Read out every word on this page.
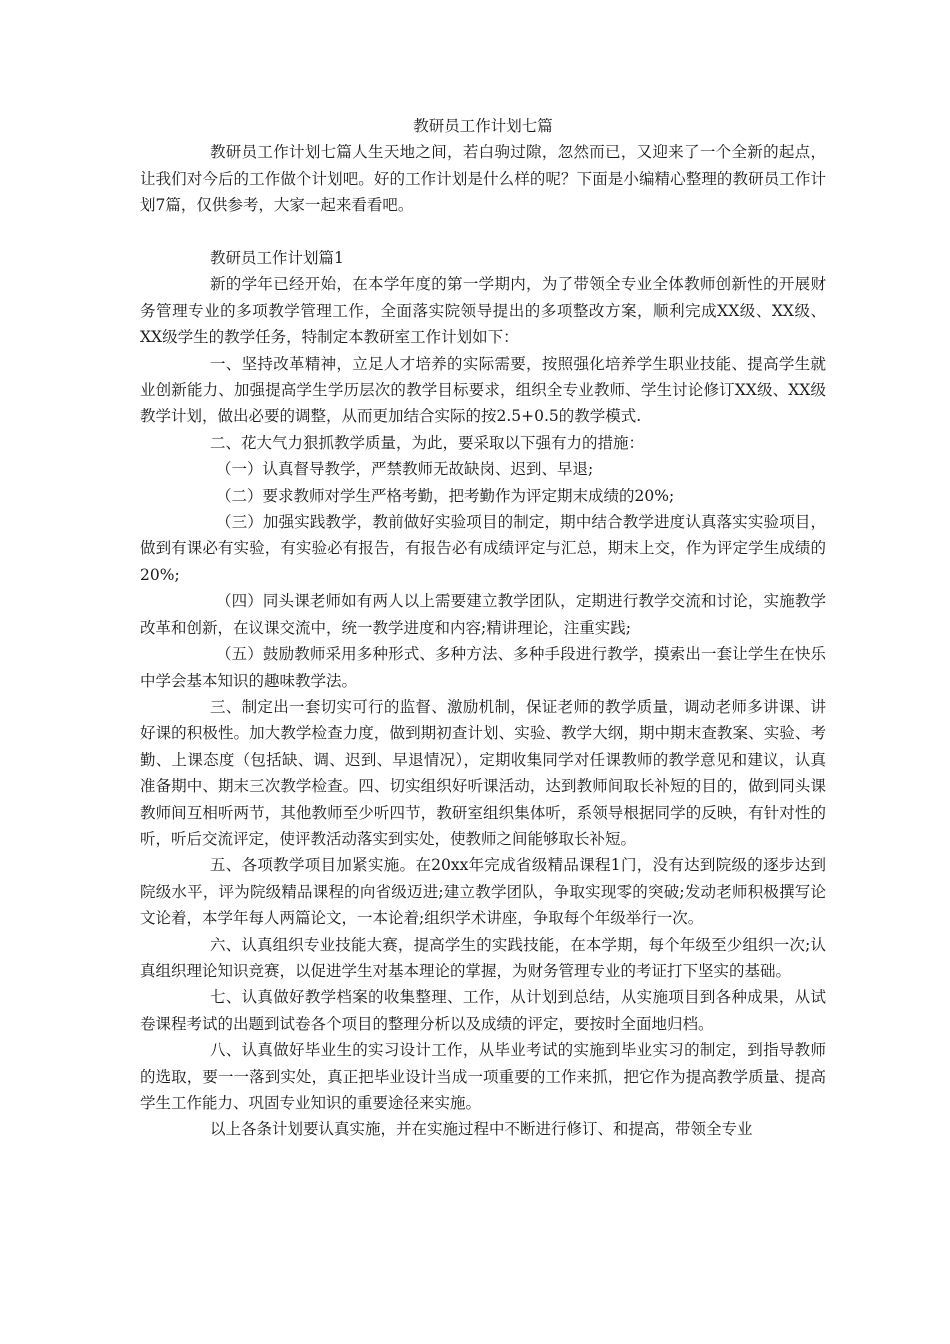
教研员工作计划七篇

教研员工作计划七篇人生天地之间，若白驹过隙，忽然而已，又迎来了一个全新的起点，让我们对今后的工作做个计划吧。好的工作计划是什么样的呢？下面是小编精心整理的教研员工作计划7篇，仅供参考，大家一起来看看吧。

教研员工作计划篇1

新的学年已经开始，在本学年度的第一学期内，为了带领全专业全体教师创新性的开展财务管理专业的多项教学管理工作，全面落实院领导提出的多项整改方案，顺利完成XX级、XX级、XX级学生的教学任务，特制定本教研室工作计划如下：

一、坚持改革精神，立足人才培养的实际需要，按照强化培养学生职业技能、提高学生就业创新能力、加强提高学生学历层次的教学目标要求，组织全专业教师、学生讨论修订XX级、XX级教学计划，做出必要的调整，从而更加结合实际的按2.5+0.5的教学模式.

二、花大气力狠抓教学质量，为此，要采取以下强有力的措施：

（一）认真督导教学，严禁教师无故缺岗、迟到、早退;

（二）要求教师对学生严格考勤，把考勤作为评定期末成绩的20%;

（三）加强实践教学，教前做好实验项目的制定，期中结合教学进度认真落实实验项目，做到有课必有实验，有实验必有报告，有报告必有成绩评定与汇总，期末上交，作为评定学生成绩的20%;

（四）同头课老师如有两人以上需要建立教学团队，定期进行教学交流和讨论，实施教学改革和创新，在议课交流中，统一教学进度和内容;精讲理论，注重实践;

（五）鼓励教师采用多种形式、多种方法、多种手段进行教学，摸索出一套让学生在快乐中学会基本知识的趣味教学法。

三、制定出一套切实可行的监督、激励机制，保证老师的教学质量，调动老师多讲课、讲好课的积极性。加大教学检查力度，做到期初查计划、实验、教学大纲，期中期末查教案、实验、考勤、上课态度（包括缺、调、迟到、早退情况），定期收集同学对任课教师的教学意见和建议，认真准备期中、期末三次教学检查。四、切实组织好听课活动，达到教师间取长补短的目的，做到同头课教师间互相听两节，其他教师至少听四节，教研室组织集体听，系领导根据同学的反映，有针对性的听，听后交流评定，使评教活动落实到实处，使教师之间能够取长补短。

五、各项教学项目加紧实施。在20xx年完成省级精品课程1门，没有达到院级的逐步达到院级水平，评为院级精品课程的向省级迈进;建立教学团队，争取实现零的突破;发动老师积极撰写论文论着，本学年每人两篇论文，一本论着;组织学术讲座，争取每个年级举行一次。

六、认真组织专业技能大赛，提高学生的实践技能，在本学期，每个年级至少组织一次;认真组织理论知识竞赛，以促进学生对基本理论的掌握，为财务管理专业的考证打下坚实的基础。

七、认真做好教学档案的收集整理、工作，从计划到总结，从实施项目到各种成果，从试卷课程考试的出题到试卷各个项目的整理分析以及成绩的评定，要按时全面地归档。

八、认真做好毕业生的实习设计工作，从毕业考试的实施到毕业实习的制定，到指导教师的选取，要一一落到实处，真正把毕业设计当成一项重要的工作来抓，把它作为提高教学质量、提高学生工作能力、巩固专业知识的重要途径来实施。

以上各条计划要认真实施，并在实施过程中不断进行修订、和提高，带领全专业
